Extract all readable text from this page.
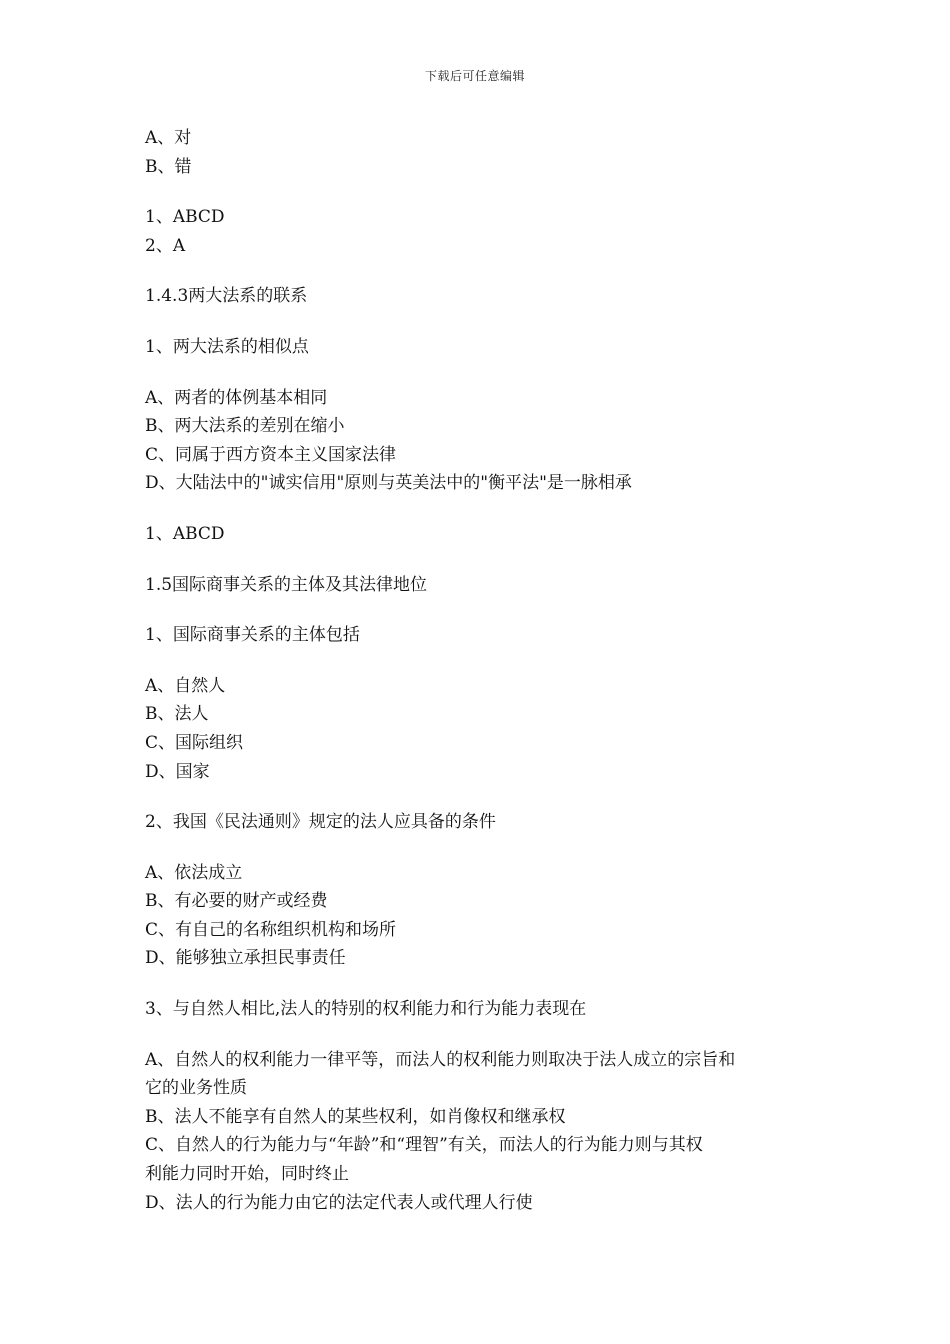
下载后可任意编辑
A、对
B、错
1、ABCD
2、A
1.4.3两大法系的联系
1、两大法系的相似点
A、两者的体例基本相同
B、两大法系的差别在缩小
C、同属于西方资本主义国家法律
D、大陆法中的"诚实信用"原则与英美法中的"衡平法"是一脉相承
1、ABCD
1.5国际商事关系的主体及其法律地位
1、国际商事关系的主体包括
A、自然人
B、法人
C、国际组织
D、国家
2、我国《民法通则》规定的法人应具备的条件
A、依法成立
B、有必要的财产或经费
C、有自己的名称组织机构和场所
D、能够独立承担民事责任
3、与自然人相比,法人的特别的权利能力和行为能力表现在
A、自然人的权利能力一律平等，而法人的权利能力则取决于法人成立的宗旨和
它的业务性质
B、法人不能享有自然人的某些权利，如肖像权和继承权
C、自然人的行为能力与“年龄”和“理智”有关，而法人的行为能力则与其权
利能力同时开始，同时终止
D、法人的行为能力由它的法定代表人或代理人行使
